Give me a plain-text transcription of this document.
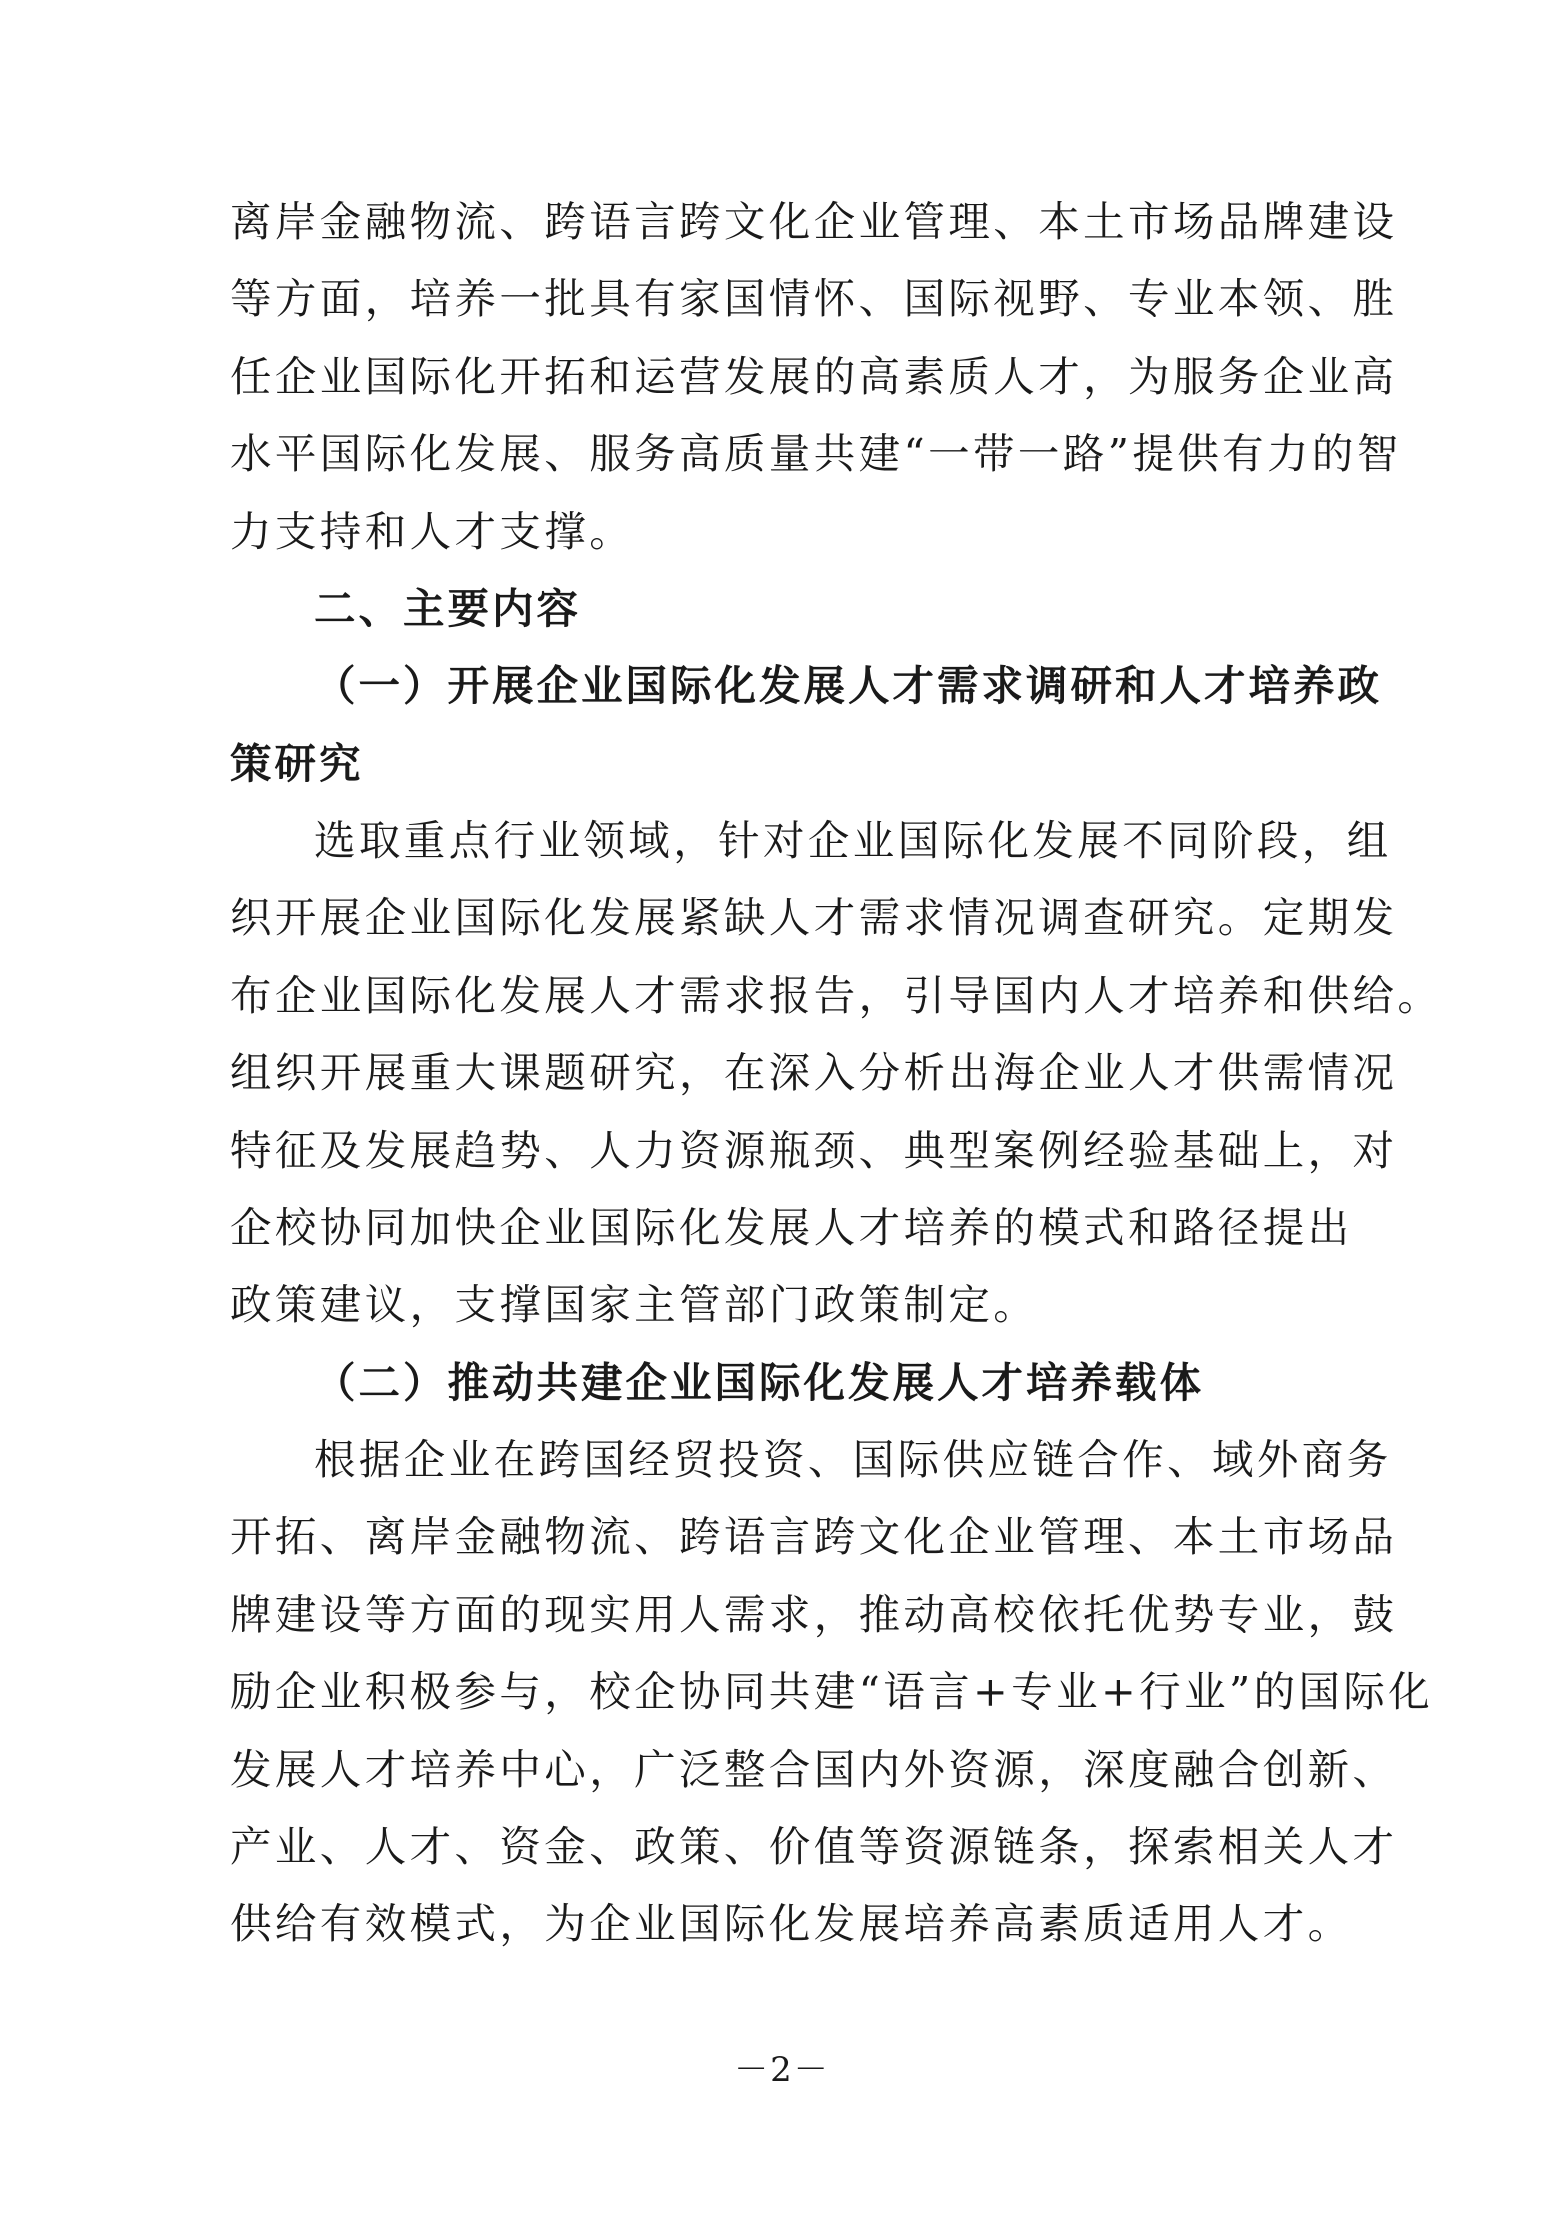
离岸金融物流、跨语言跨文化企业管理、本土市场品牌建设

等方面，培养一批具有家国情怀、国际视野、专业本领、胜

任企业国际化开拓和运营发展的高素质人才，为服务企业高

水平国际化发展、服务高质量共建“一带一路”提供有力的智

力支持和人才支撑。

二、主要内容

（一）开展企业国际化发展人才需求调研和人才培养政

策研究

选取重点行业领域，针对企业国际化发展不同阶段，组

织开展企业国际化发展紧缺人才需求情况调查研究。定期发

布企业国际化发展人才需求报告，引导国内人才培养和供给。

组织开展重大课题研究，在深入分析出海企业人才供需情况

特征及发展趋势、人力资源瓶颈、典型案例经验基础上，对

企校协同加快企业国际化发展人才培养的模式和路径提出

政策建议，支撑国家主管部门政策制定。

（二）推动共建企业国际化发展人才培养载体

根据企业在跨国经贸投资、国际供应链合作、域外商务

开拓、离岸金融物流、跨语言跨文化企业管理、本土市场品

牌建设等方面的现实用人需求，推动高校依托优势专业，鼓

励企业积极参与，校企协同共建“语言+专业+行业”的国际化

发展人才培养中心，广泛整合国内外资源，深度融合创新、

产业、人才、资金、政策、价值等资源链条，探索相关人才

供给有效模式，为企业国际化发展培养高素质适用人才。

－2－
